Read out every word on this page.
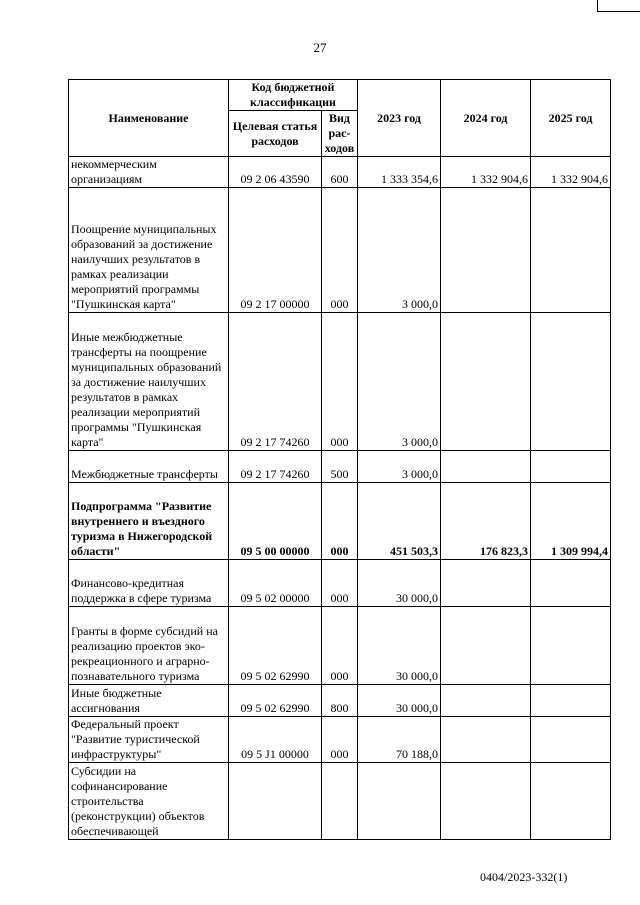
27
Наименование	Код бюджетной классификации		2023 год	2024 год	2025 год
	Целевая статья расходов	Вид рас-ходов			
некоммерческим организациям	09 2 06 43590	600	1 333 354,6	1 332 904,6	1 332 904,6
Поощрение муниципальных образований за достижение наилучших результатов в рамках реализации мероприятий программы "Пушкинская карта"	09 2 17 00000	000	3 000,0		
Иные межбюджетные трансферты на поощрение муниципальных образований за достижение наилучших результатов в рамках реализации мероприятий программы "Пушкинская карта"	09 2 17 74260	000	3 000,0		
Межбюджетные трансферты	09 2 17 74260	500	3 000,0		
Подпрограмма "Развитие внутреннего и въездного туризма в Нижегородской области"	09 5 00 00000	000	451 503,3	176 823,3	1 309 994,4
Финансово-кредитная поддержка в сфере туризма	09 5 02 00000	000	30 000,0		
Гранты в форме субсидий на реализацию проектов эко-рекреационного и аграрно-познавательного туризма	09 5 02 62990	000	30 000,0		
Иные бюджетные ассигнования	09 5 02 62990	800	30 000,0		
Федеральный проект "Развитие туристической инфраструктуры"	09 5 J1 00000	000	70 188,0		
Субсидии на софинансирование строительства (реконструкции) объектов обеспечивающей					
0404/2023-332(1)
